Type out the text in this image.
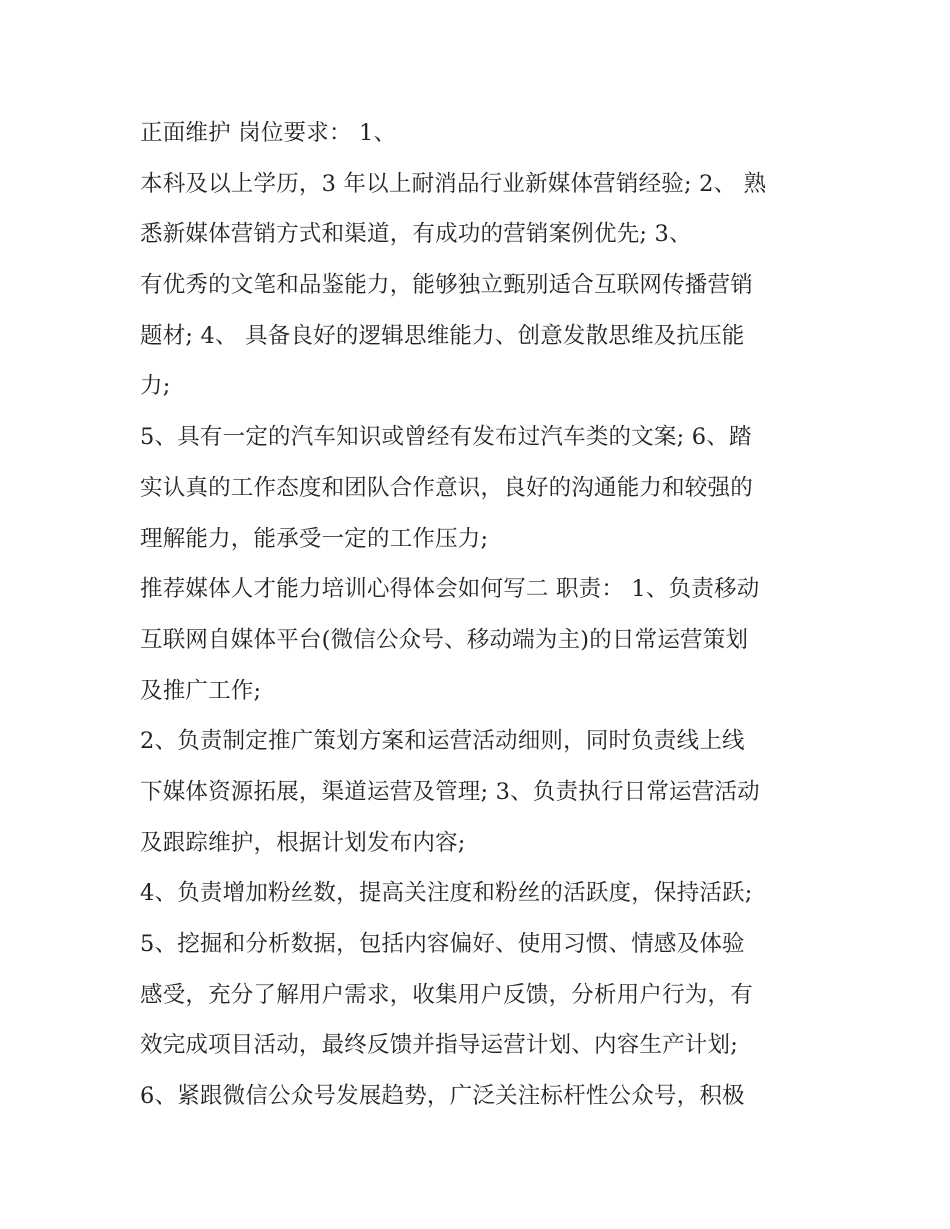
正面维护 岗位要求： 1、
本科及以上学历，3 年以上耐消品行业新媒体营销经验; 2、 熟
悉新媒体营销方式和渠道，有成功的营销案例优先; 3、
有优秀的文笔和品鉴能力，能够独立甄别适合互联网传播营销
题材; 4、 具备良好的逻辑思维能力、创意发散思维及抗压能
力;
5、具有一定的汽车知识或曾经有发布过汽车类的文案; 6、踏
实认真的工作态度和团队合作意识，良好的沟通能力和较强的
理解能力，能承受一定的工作压力;
推荐媒体人才能力培训心得体会如何写二 职责： 1、负责移动
互联网自媒体平台(微信公众号、移动端为主)的日常运营策划
及推广工作;
2、负责制定推广策划方案和运营活动细则，同时负责线上线
下媒体资源拓展，渠道运营及管理; 3、负责执行日常运营活动
及跟踪维护，根据计划发布内容;
4、负责增加粉丝数，提高关注度和粉丝的活跃度，保持活跃;
5、挖掘和分析数据，包括内容偏好、使用习惯、情感及体验
感受，充分了解用户需求，收集用户反馈，分析用户行为，有
效完成项目活动，最终反馈并指导运营计划、内容生产计划;
6、紧跟微信公众号发展趋势，广泛关注标杆性公众号，积极
